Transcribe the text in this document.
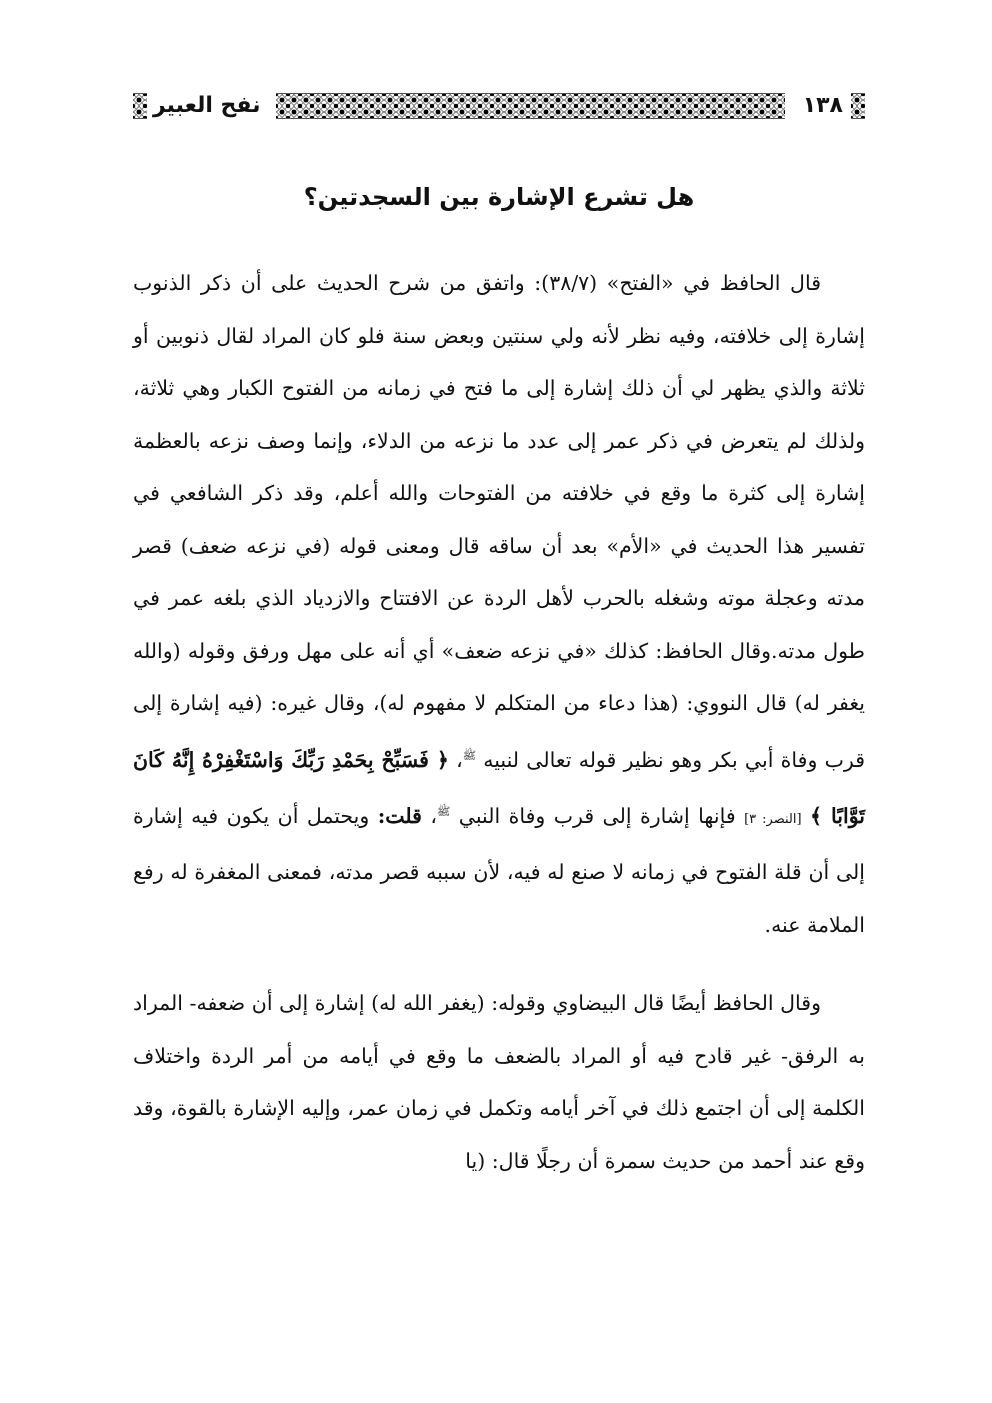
١٣٨
نفح العبير
هل تشرع الإشارة بين السجدتين؟

قال الحافظ في «الفتح» (٣٨/٧): واتفق من شرح الحديث على أن ذكر الذنوب إشارة إلى خلافته، وفيه نظر لأنه ولي سنتين وبعض سنة فلو كان المراد لقال ذنوبين أو ثلاثة والذي يظهر لي أن ذلك إشارة إلى ما فتح في زمانه من الفتوح الكبار وهي ثلاثة، ولذلك لم يتعرض في ذكر عمر إلى عدد ما نزعه من الدلاء، وإنما وصف نزعه بالعظمة إشارة إلى كثرة ما وقع في خلافته من الفتوحات والله أعلم، وقد ذكر الشافعي في تفسير هذا الحديث في «الأم» بعد أن ساقه قال ومعنى قوله (في نزعه ضعف) قصر مدته وعجلة موته وشغله بالحرب لأهل الردة عن الافتتاح والازدياد الذي بلغه عمر في طول مدته.وقال الحافظ: كذلك «في نزعه ضعف» أي أنه على مهل ورفق وقوله (والله يغفر له) قال النووي: (هذا دعاء من المتكلم لا مفهوم له)، وقال غيره: (فيه إشارة إلى قرب وفاة أبي بكر وهو نظير قوله تعالى لنبيه $^ﷺ$، ﴿ فَسَبِّحْ بِحَمْدِ رَبِّكَ وَاسْتَغْفِرْهُ إِنَّهُ كَانَ تَوَّابًا ﴾ [النصر: ٣] فإنها إشارة إلى قرب وفاة النبي $^ﷺ$، قلت: ويحتمل أن يكون فيه إشارة إلى أن قلة الفتوح في زمانه لا صنع له فيه، لأن سببه قصر مدته، فمعنى المغفرة له رفع الملامة عنه.

وقال الحافظ أيضًا قال البيضاوي وقوله: (يغفر الله له) إشارة إلى أن ضعفه- المراد به الرفق- غير قادح فيه أو المراد بالضعف ما وقع في أيامه من أمر الردة واختلاف الكلمة إلى أن اجتمع ذلك في آخر أيامه وتكمل في زمان عمر، وإليه الإشارة بالقوة، وقد وقع عند أحمد من حديث سمرة أن رجلًا قال: (يا
